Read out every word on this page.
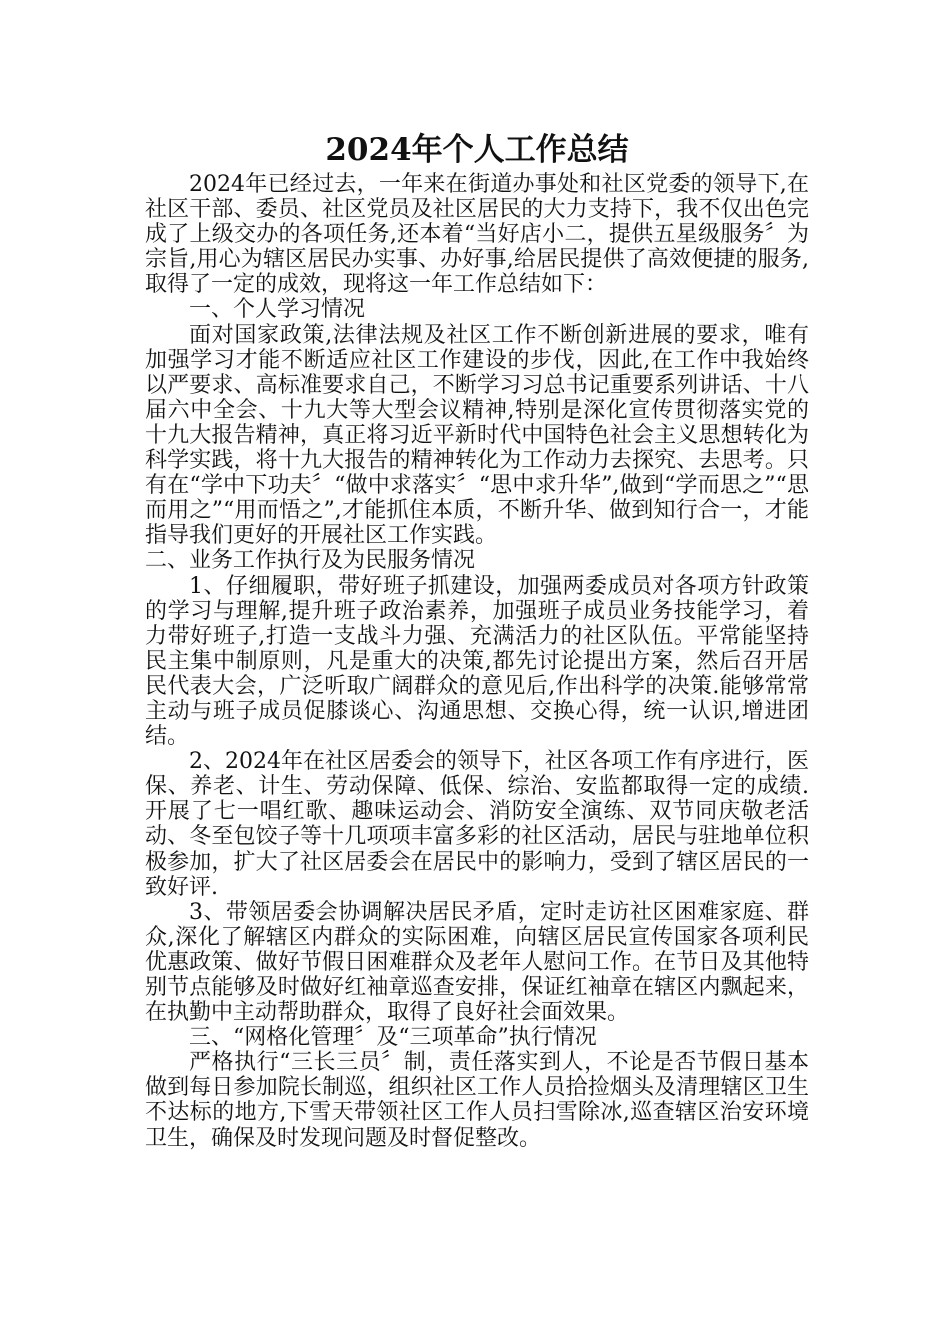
2024年个人工作总结

2024年已经过去，一年来在街道办事处和社区党委的领导下,在社区干部、委员、社区党员及社区居民的大力支持下，我不仅出色完成了上级交办的各项任务,还本着“当好店小二，提供五星级服务〞为宗旨,用心为辖区居民办实事、办好事,给居民提供了高效便捷的服务,取得了一定的成效，现将这一年工作总结如下：

一、个人学习情况

面对国家政策,法律法规及社区工作不断创新进展的要求，唯有加强学习才能不断适应社区工作建设的步伐，因此,在工作中我始终以严要求、高标准要求自己，不断学习习总书记重要系列讲话、十八届六中全会、十九大等大型会议精神,特别是深化宣传贯彻落实党的十九大报告精神，真正将习近平新时代中国特色社会主义思想转化为科学实践，将十九大报告的精神转化为工作动力去探究、去思考。只有在“学中下功夫〞“做中求落实〞“思中求升华”,做到“学而思之”“思而用之”“用而悟之”,才能抓住本质，不断升华、做到知行合一，才能指导我们更好的开展社区工作实践。

二、业务工作执行及为民服务情况

1、仔细履职，带好班子抓建设，加强两委成员对各项方针政策的学习与理解,提升班子政治素养，加强班子成员业务技能学习，着力带好班子,打造一支战斗力强、充满活力的社区队伍。平常能坚持民主集中制原则，凡是重大的决策,都先讨论提出方案，然后召开居民代表大会，广泛听取广阔群众的意见后,作出科学的决策.能够常常主动与班子成员促膝谈心、沟通思想、交换心得，统一认识,增进团结。

2、2024年在社区居委会的领导下，社区各项工作有序进行，医保、养老、计生、劳动保障、低保、综治、安监都取得一定的成绩.开展了七一唱红歌、趣味运动会、消防安全演练、双节同庆敬老活动、冬至包饺子等十几项项丰富多彩的社区活动，居民与驻地单位积极参加，扩大了社区居委会在居民中的影响力，受到了辖区居民的一致好评.

3、带领居委会协调解决居民矛盾，定时走访社区困难家庭、群众,深化了解辖区内群众的实际困难，向辖区居民宣传国家各项利民优惠政策、做好节假日困难群众及老年人慰问工作。在节日及其他特别节点能够及时做好红袖章巡查安排，保证红袖章在辖区内飘起来，在执勤中主动帮助群众，取得了良好社会面效果。

三、“网格化管理〞及“三项革命”执行情况

严格执行“三长三员〞制，责任落实到人，不论是否节假日基本做到每日参加院长制巡，组织社区工作人员拾捡烟头及清理辖区卫生不达标的地方,下雪天带领社区工作人员扫雪除冰,巡查辖区治安环境卫生，确保及时发现问题及时督促整改。
